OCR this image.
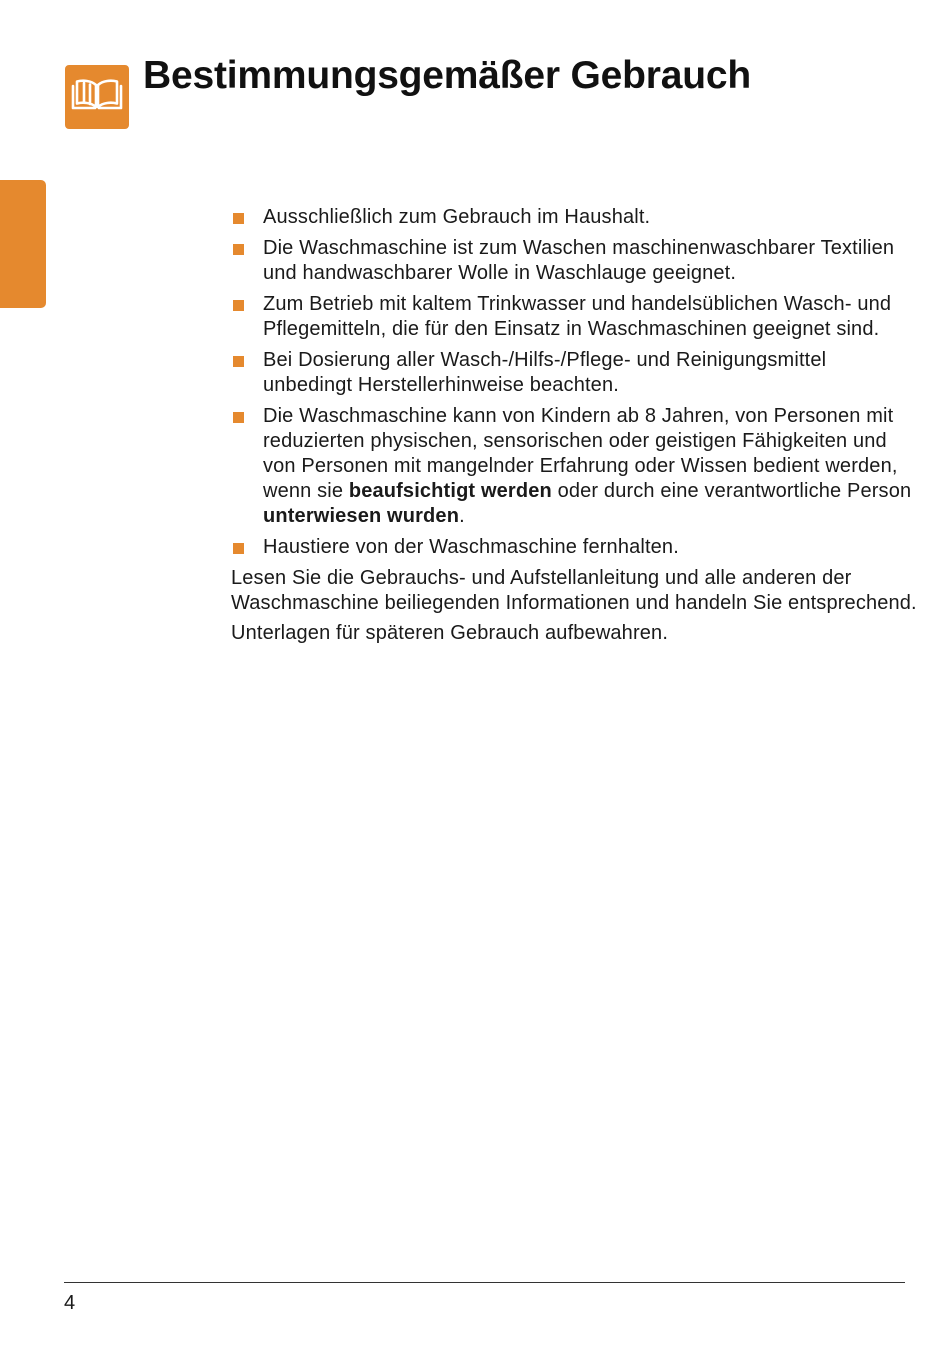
Bestimmungsgemäßer Gebrauch
Ausschließlich zum Gebrauch im Haushalt.
Die Waschmaschine ist zum Waschen maschinenwaschbarer Textilien und handwaschbarer Wolle in Waschlauge geeignet.
Zum Betrieb mit kaltem Trinkwasser und handelsüblichen Wasch- und Pflegemitteln, die für den Einsatz in Waschmaschinen geeignet sind.
Bei Dosierung aller Wasch-/Hilfs-/Pflege- und Reinigungsmittel unbedingt Herstellerhinweise beachten.
Die Waschmaschine kann von Kindern ab 8 Jahren, von Personen mit reduzierten physischen, sensorischen oder geistigen Fähigkeiten und von Personen mit mangelnder Erfahrung oder Wissen bedient werden, wenn sie beaufsichtigt werden oder durch eine verantwortliche Person unterwiesen wurden.
Haustiere von der Waschmaschine fernhalten.

Lesen Sie die Gebrauchs- und Aufstellanleitung und alle anderen der Waschmaschine beiliegenden Informationen und handeln Sie entsprechend.

Unterlagen für späteren Gebrauch aufbewahren.

4
